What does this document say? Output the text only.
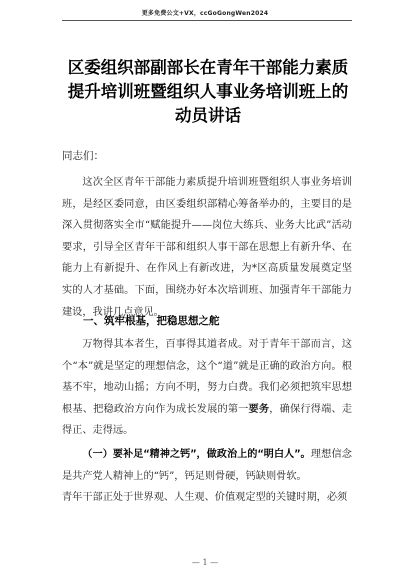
更多免费公文+VX，ccGoGongWen2024
区委组织部副部长在青年干部能力素质提升培训班暨组织人事业务培训班上的动员讲话
同志们：
这次全区青年干部能力素质提升培训班暨组织人事业务培训班，是经区委同意，由区委组织部精心筹备举办的，主要目的是深入贯彻落实全市“赋能提升——岗位大练兵、业务大比武”活动要求，引导全区青年干部和组织人事干部在思想上有新升华、在能力上有新提升、在作风上有新改进，为*区高质量发展奠定坚实的人才基础。下面，围绕办好本次培训班、加强青年干部能力建设，我讲几点意见。
一、筑牢根基，把稳思想之舵
万物得其本者生，百事得其道者成。对于青年干部而言，这个“本”就是坚定的理想信念，这个“道”就是正确的政治方向。根基不牢，地动山摇；方向不明，努力白费。我们必须把筑牢思想根基、把稳政治方向作为成长发展的第一要务，确保行得端、走得正、走得远。
（一）要补足“精神之钙”，做政治上的“明白人”。理想信念是共产党人精神上的“钙”，钙足则骨硬，钙缺则骨软。
青年干部正处于世界观、人生观、价值观定型的关键时期，必须
— 1 —
